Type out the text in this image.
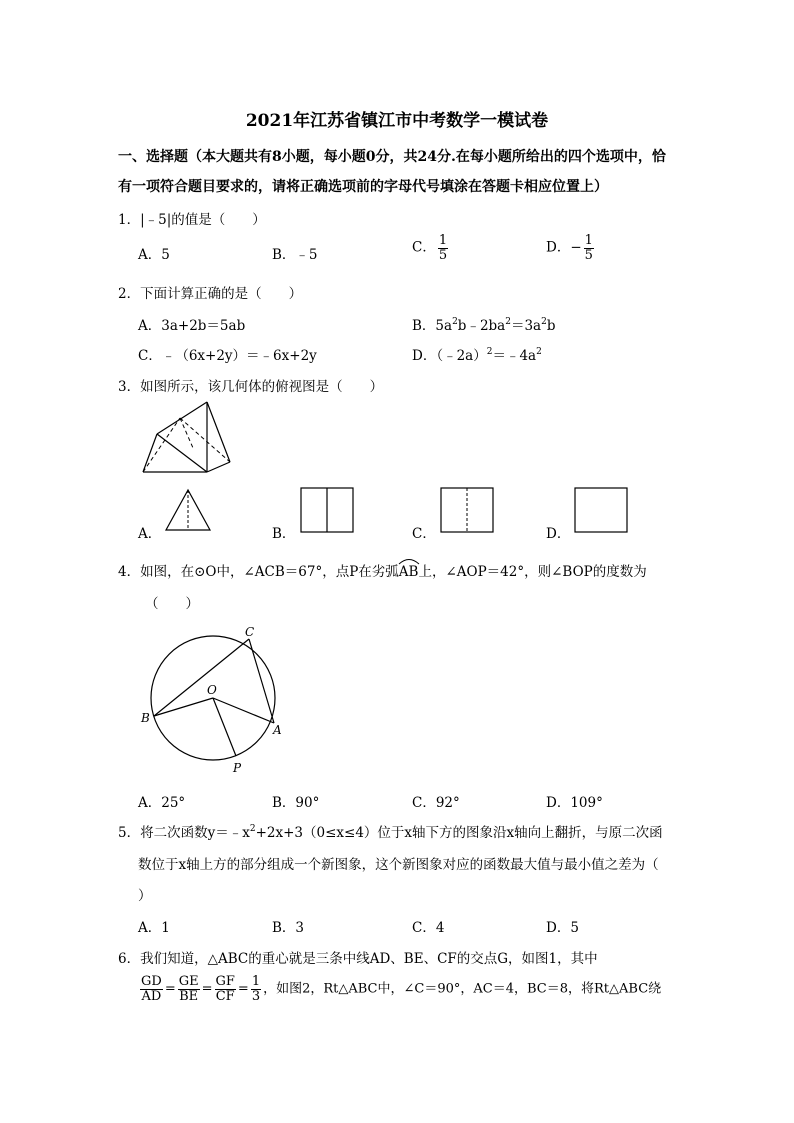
2021年江苏省镇江市中考数学一模试卷
一、选择题（本大题共有8小题，每小题0分，共24分.在每小题所给出的四个选项中，恰
有一项符合题目要求的，请将正确选项前的字母代号填涂在答题卡相应位置上）
1．|﹣5|的值是（　　）
A．5	B．﹣5	C． $\frac{1}{5}$	D．− $\frac{1}{5}$
2．下面计算正确的是（　　）
A．3a+2b＝5ab	B．$5a^2b﹣2ba^2=3a^2b$
C．﹣（6x+2y）＝﹣6x+2y	D．$(﹣2a)^2=﹣4a^2$
3．如图所示，该几何体的俯视图是（　　）
A．	B．	C．	D．
4．如图，在⊙O中，∠ACB＝67°，点P在劣弧
AB上，∠AOP＝42°，则∠BOP的度数为
（　　）
C
O
B
A
P
A．25°	B．90°	C．92°	D．109°
5．将二次函数$y=﹣x^2+2x+3(0\le x\le 4)$位于x轴下方的图象沿x轴向上翻折，与原二次函
数位于x轴上方的部分组成一个新图象，这个新图象对应的函数最大值与最小值之差为（
）
A．1	B．3	C．4	D．5
6．我们知道，△ABC的重心就是三条中线AD、BE、CF的交点G，如图1，其中
$\frac{GD}{AD} = \frac{GE}{BE} = \frac{GF}{CF} = \frac{1}{3}$ ，如图2，Rt△ABC中，∠C＝90°，AC＝4，BC＝8，将Rt△ABC绕
